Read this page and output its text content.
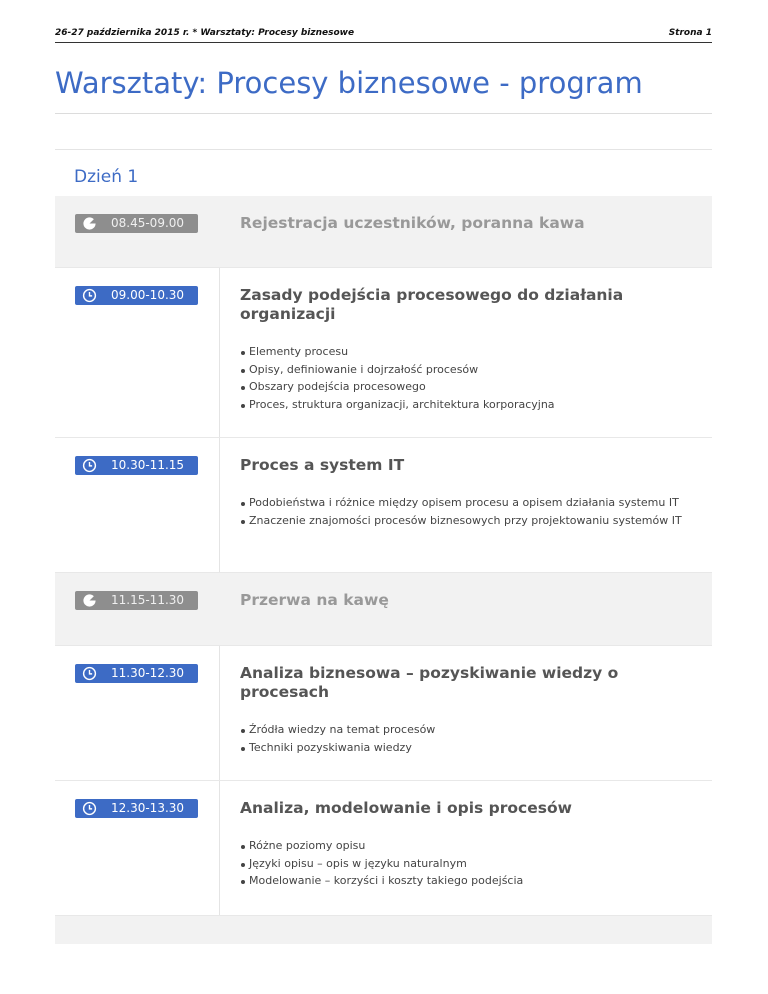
26-27 października 2015 r. * Warsztaty: Procesy biznesowe	Strona 1
Warsztaty: Procesy biznesowe - program
Dzień 1
08.45-09.00	Rejestracja uczestników, poranna kawa
09.00-10.30	Zasady podejścia procesowego do działania organizacji
Elementy procesu
Opisy, definiowanie i dojrzałość procesów
Obszary podejścia procesowego
Proces, struktura organizacji, architektura korporacyjna
10.30-11.15	Proces a system IT
Podobieństwa i różnice między opisem procesu a opisem działania systemu IT
Znaczenie znajomości procesów biznesowych przy projektowaniu systemów IT
11.15-11.30	Przerwa na kawę
11.30-12.30	Analiza biznesowa – pozyskiwanie wiedzy o procesach
Źródła wiedzy na temat procesów
Techniki pozyskiwania wiedzy
12.30-13.30	Analiza, modelowanie i opis procesów
Różne poziomy opisu
Języki opisu – opis w języku naturalnym
Modelowanie – korzyści i koszty takiego podejścia
